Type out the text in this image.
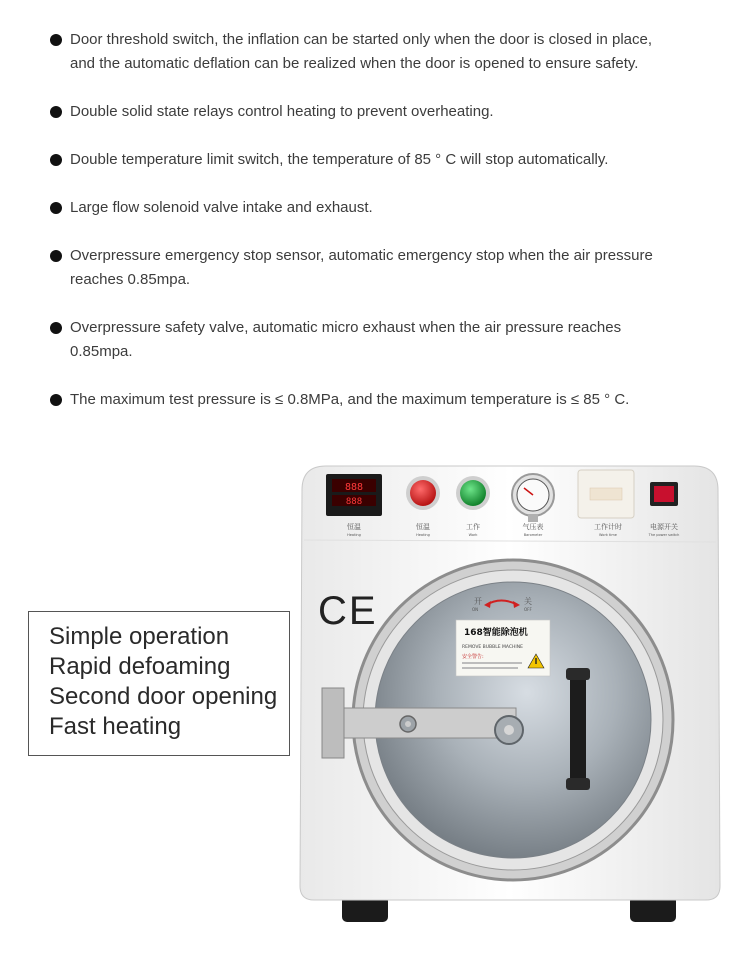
Door threshold switch, the inflation can be started only when the door is closed in place,
and the automatic deflation can be realized when the door is opened to ensure safety.
Double solid state relays control heating to prevent overheating.
Double temperature limit switch, the temperature of 85 ° C will stop automatically.
Large flow solenoid valve intake and exhaust.
Overpressure emergency stop sensor, automatic emergency stop when the air pressure
reaches 0.85mpa.
Overpressure safety valve, automatic micro exhaust when the air pressure reaches
0.85mpa.
The maximum test pressure is ≤ 0.8MPa, and the maximum temperature is ≤ 85 ° C.
888
888
恒温	恒温	工作	气压表	工作计时	电源开关
Heating	Heating	Work	Barometer	Work time	The power switch
CE	开
ON
关
OFF
168智能除泡机
REMOVE BUBBLE MACHINE
安全警告:
Simple operation
Rapid defoaming
Second door opening
Fast heating
